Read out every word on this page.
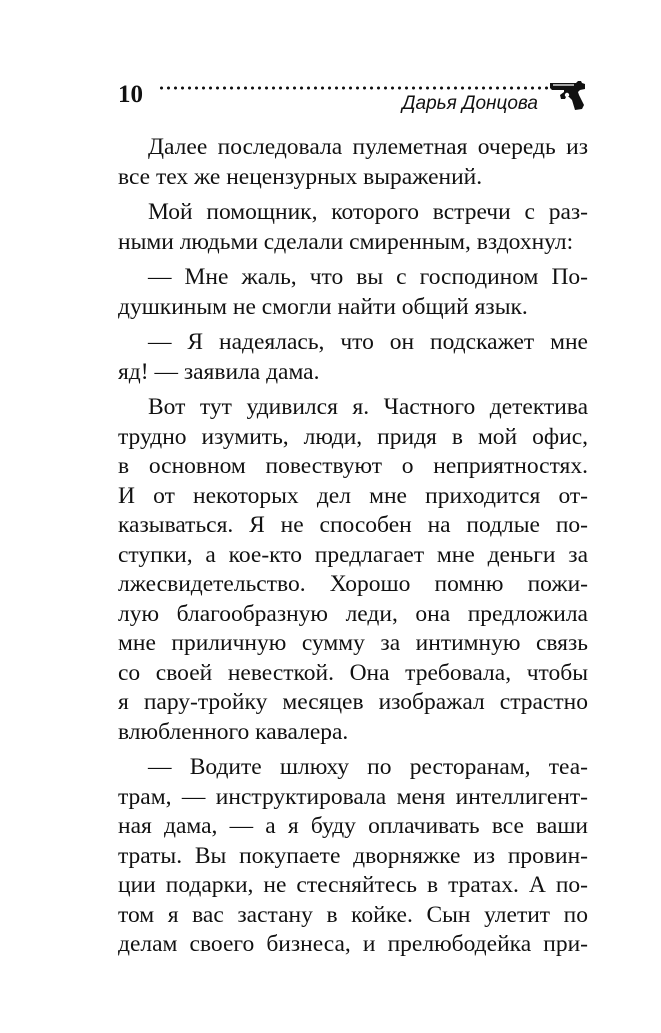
10	Дарья Донцова
Далее последовала пулеметная очередь из
все тех же нецензурных выражений.
Мой помощник, которого встречи с раз-
ными людьми сделали смиренным, вздохнул:
— Мне жаль, что вы с господином По-
душкиным не смогли найти общий язык.
— Я надеялась, что он подскажет мне
яд! — заявила дама.
Вот тут удивился я. Частного детектива
трудно изумить, люди, придя в мой офис,
в основном повествуют о неприятностях.
И от некоторых дел мне приходится от-
казываться. Я не способен на подлые по-
ступки, а кое-кто предлагает мне деньги за
лжесвидетельство. Хорошо помню пожи-
лую благообразную леди, она предложила
мне приличную сумму за интимную связь
со своей невесткой. Она требовала, чтобы
я пару-тройку месяцев изображал страстно
влюбленного кавалера.
— Водите шлюху по ресторанам, теа-
трам, — инструктировала меня интеллигент-
ная дама, — а я буду оплачивать все ваши
траты. Вы покупаете дворняжке из провин-
ции подарки, не стесняйтесь в тратах. А по-
том я вас застану в койке. Сын улетит по
делам своего бизнеса, и прелюбодейка при-
